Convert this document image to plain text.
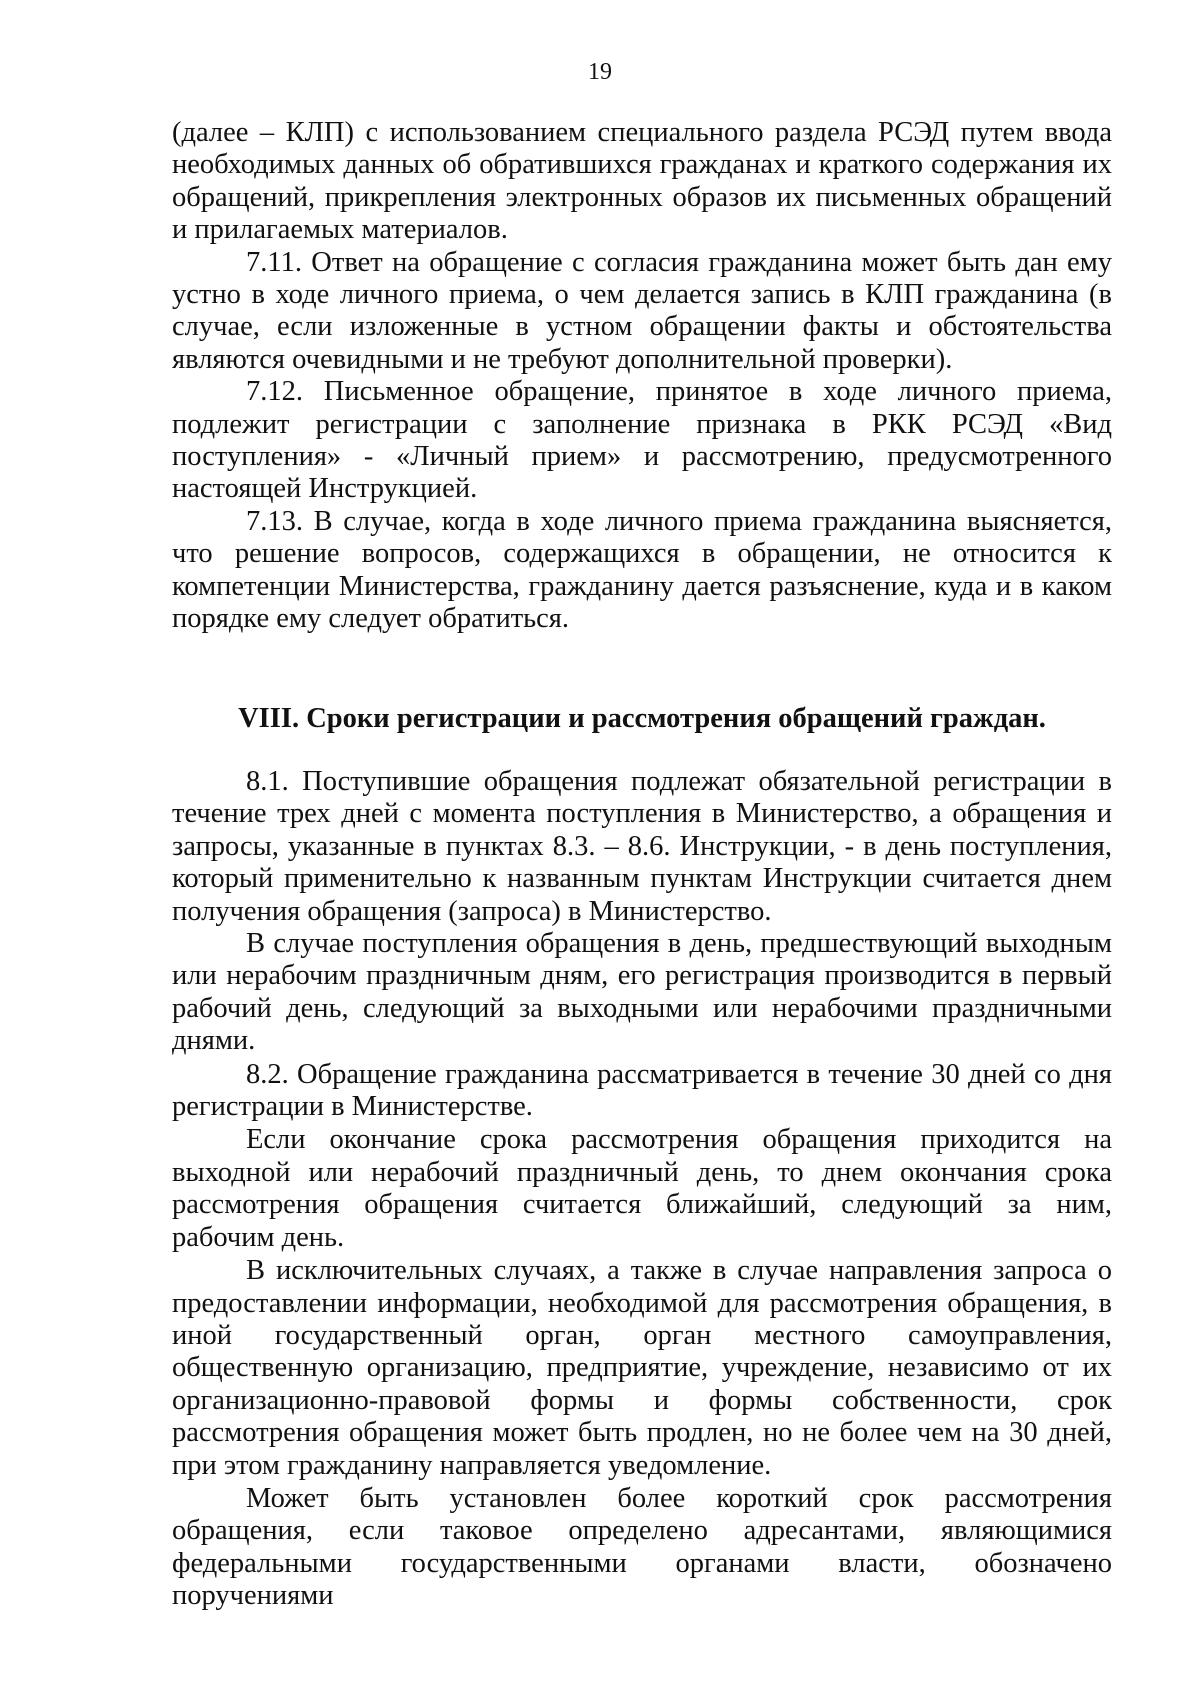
19

(далее – КЛП) с использованием специального раздела РСЭД путем ввода необходимых данных об обратившихся гражданах и краткого содержания их обращений, прикрепления электронных образов их письменных обращений и прилагаемых материалов.

7.11. Ответ на обращение с согласия гражданина может быть дан ему устно в ходе личного приема, о чем делается запись в КЛП гражданина (в случае, если изложенные в устном обращении факты и обстоятельства являются очевидными и не требуют дополнительной проверки).

7.12. Письменное обращение, принятое в ходе личного приема, подлежит регистрации с заполнение признака в РКК РСЭД «Вид поступления» - «Личный прием» и рассмотрению, предусмотренного настоящей Инструкцией.

7.13. В случае, когда в ходе личного приема гражданина выясняется, что решение вопросов, содержащихся в обращении, не относится к компетенции Министерства, гражданину дается разъяснение, куда и в каком порядке ему следует обратиться.

VIII. Сроки регистрации и рассмотрения обращений граждан.

8.1. Поступившие обращения подлежат обязательной регистрации в течение трех дней с момента поступления в Министерство, а обращения и запросы, указанные в пунктах 8.3. – 8.6. Инструкции, - в день поступления, который применительно к названным пунктам Инструкции считается днем получения обращения (запроса) в Министерство.

В случае поступления обращения в день, предшествующий выходным или нерабочим праздничным дням, его регистрация производится в первый рабочий день, следующий за выходными или нерабочими праздничными днями.

8.2. Обращение гражданина рассматривается в течение 30 дней со дня регистрации в Министерстве.

Если окончание срока рассмотрения обращения приходится на выходной или нерабочий праздничный день, то днем окончания срока рассмотрения обращения считается ближайший, следующий за ним, рабочим день.

В исключительных случаях, а также в случае направления запроса о предоставлении информации, необходимой для рассмотрения обращения, в иной государственный орган, орган местного самоуправления, общественную организацию, предприятие, учреждение, независимо от их организационно-правовой формы и формы собственности, срок рассмотрения обращения может быть продлен, но не более чем на 30 дней, при этом гражданину направляется уведомление.

Может быть установлен более короткий срок рассмотрения обращения, если таковое определено адресантами, являющимися федеральными государственными органами власти, обозначено поручениями
